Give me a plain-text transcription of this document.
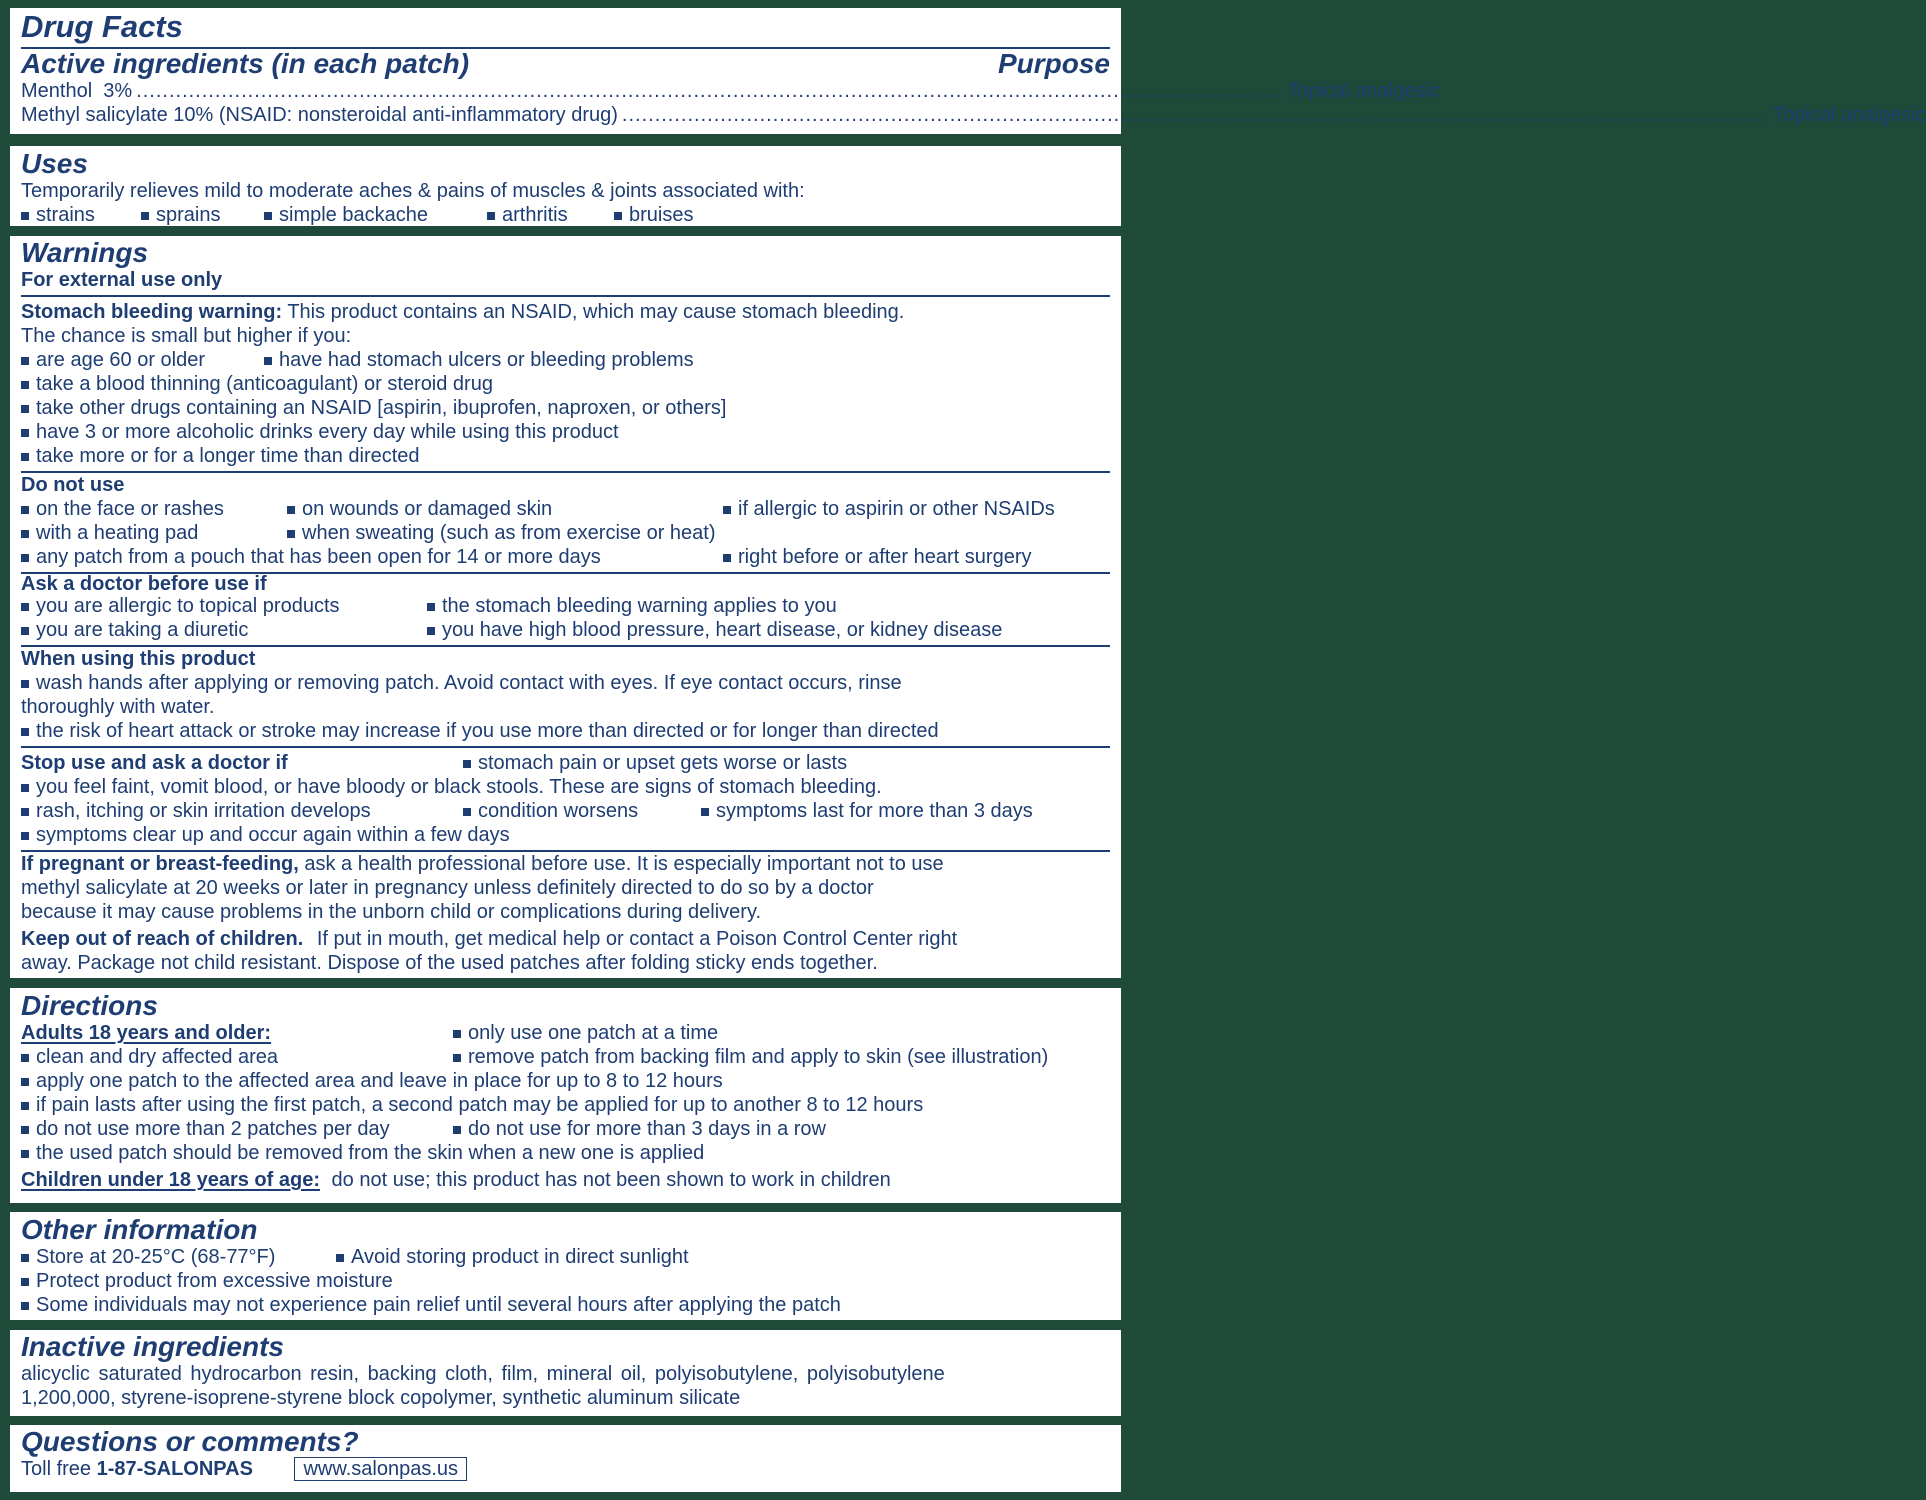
Drug Facts
Active ingredients (in each patch)	Purpose
Menthol  3% ............................................................................................................................................................................... Topical analgesic
Methyl salicylate 10% (NSAID: nonsteroidal anti-inflammatory drug) ............................................................................................................................................................................... Topical analgesic
Uses
Temporarily relieves mild to moderate aches & pains of muscles & joints associated with:
strains	sprains	simple backache	arthritis	bruises
Warnings
For external use only
Stomach bleeding warning: This product contains an NSAID, which may cause stomach bleeding.
The chance is small but higher if you:
are age 60 or older	have had stomach ulcers or bleeding problems
take a blood thinning (anticoagulant) or steroid drug
take other drugs containing an NSAID [aspirin, ibuprofen, naproxen, or others]
have 3 or more alcoholic drinks every day while using this product
take more or for a longer time than directed
Do not use
on the face or rashes	on wounds or damaged skin	if allergic to aspirin or other NSAIDs
with a heating pad	when sweating (such as from exercise or heat)
any patch from a pouch that has been open for 14 or more days	right before or after heart surgery
Ask a doctor before use if
you are allergic to topical products	the stomach bleeding warning applies to you
you are taking a diuretic	you have high blood pressure, heart disease, or kidney disease
When using this product
wash hands after applying or removing patch. Avoid contact with eyes. If eye contact occurs, rinse
thoroughly with water.
the risk of heart attack or stroke may increase if you use more than directed or for longer than directed
Stop use and ask a doctor if	stomach pain or upset gets worse or lasts
you feel faint, vomit blood, or have bloody or black stools. These are signs of stomach bleeding.
rash, itching or skin irritation develops	condition worsens	symptoms last for more than 3 days
symptoms clear up and occur again within a few days
If pregnant or breast-feeding, ask a health professional before use. It is especially important not to use
methyl salicylate at 20 weeks or later in pregnancy unless definitely directed to do so by a doctor
because it may cause problems in the unborn child or complications during delivery.
Keep out of reach of children. If put in mouth, get medical help or contact a Poison Control Center right
away. Package not child resistant. Dispose of the used patches after folding sticky ends together.
Directions
Adults 18 years and older:	only use one patch at a time
clean and dry affected area	remove patch from backing film and apply to skin (see illustration)
apply one patch to the affected area and leave in place for up to 8 to 12 hours
if pain lasts after using the first patch, a second patch may be applied for up to another 8 to 12 hours
do not use more than 2 patches per day	do not use for more than 3 days in a row
the used patch should be removed from the skin when a new one is applied
Children under 18 years of age: do not use; this product has not been shown to work in children
Other information
Store at 20-25°C (68-77°F)	Avoid storing product in direct sunlight
Protect product from excessive moisture
Some individuals may not experience pain relief until several hours after applying the patch
Inactive ingredients
alicyclic saturated hydrocarbon resin, backing cloth, film, mineral oil, polyisobutylene, polyisobutylene
1,200,000, styrene-isoprene-styrene block copolymer, synthetic aluminum silicate
Questions or comments?
Toll free 1-87-SALONPAS	www.salonpas.us
